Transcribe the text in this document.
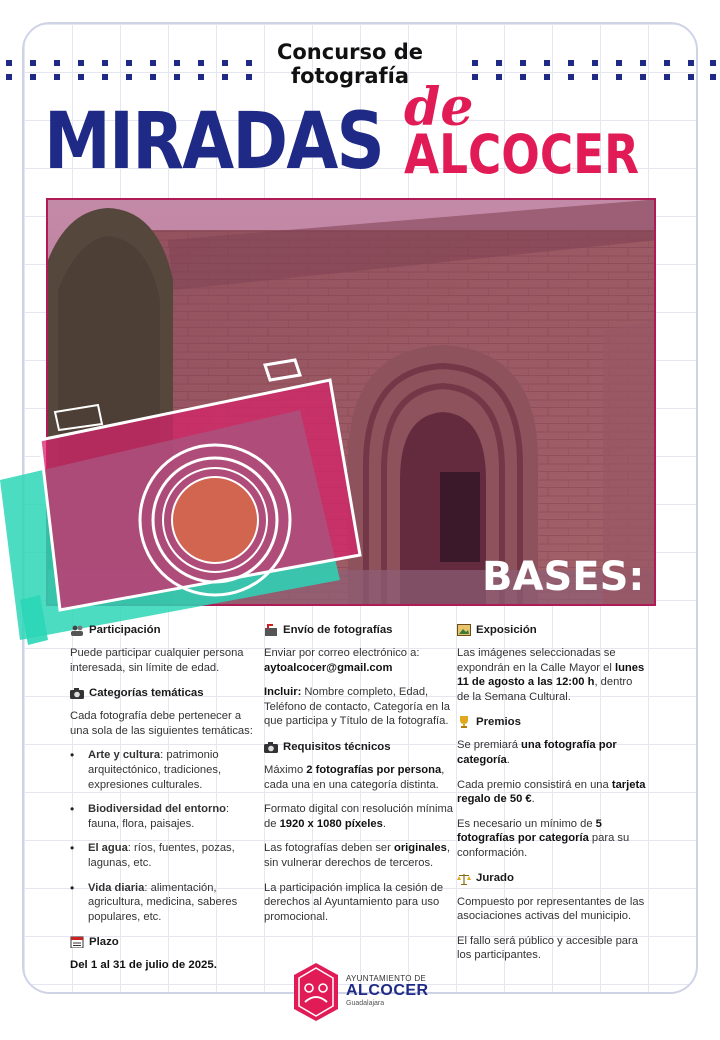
Concurso de
fotografía
MIRADAS de
ALCOCER
BASES:
Participación
Puede participar cualquier persona interesada, sin límite de edad.
Categorías temáticas
Cada fotografía debe pertenecer a una sola de las siguientes temáticas:
• Arte y cultura: patrimonio arquitectónico, tradiciones, expresiones culturales.
• Biodiversidad del entorno: fauna, flora, paisajes.
• El agua: ríos, fuentes, pozas, lagunas, etc.
• Vida diaria: alimentación, agricultura, medicina, saberes populares, etc.
Plazo
Del 1 al 31 de julio de 2025.
Envío de fotografías
Enviar por correo electrónico a:
aytoalcocer@gmail.com
Incluir: Nombre completo, Edad, Teléfono de contacto, Categoría en la que participa y Título de la fotografía.
Requisitos técnicos
Máximo 2 fotografías por persona, cada una en una categoría distinta.
Formato digital con resolución mínima de 1920 x 1080 píxeles.
Las fotografías deben ser originales, sin vulnerar derechos de terceros.
La participación implica la cesión de derechos al Ayuntamiento para uso promocional.
Exposición
Las imágenes seleccionadas se expondrán en la Calle Mayor el lunes 11 de agosto a las 12:00 h, dentro de la Semana Cultural.
Premios
Se premiará una fotografía por categoría.
Cada premio consistirá en una tarjeta regalo de 50 €.
Es necesario un mínimo de 5 fotografías por categoría para su conformación.
Jurado
Compuesto por representantes de las asociaciones activas del municipio.
El fallo será público y accesible para los participantes.
AYUNTAMIENTO DE
ALCOCER
Guadalajara
